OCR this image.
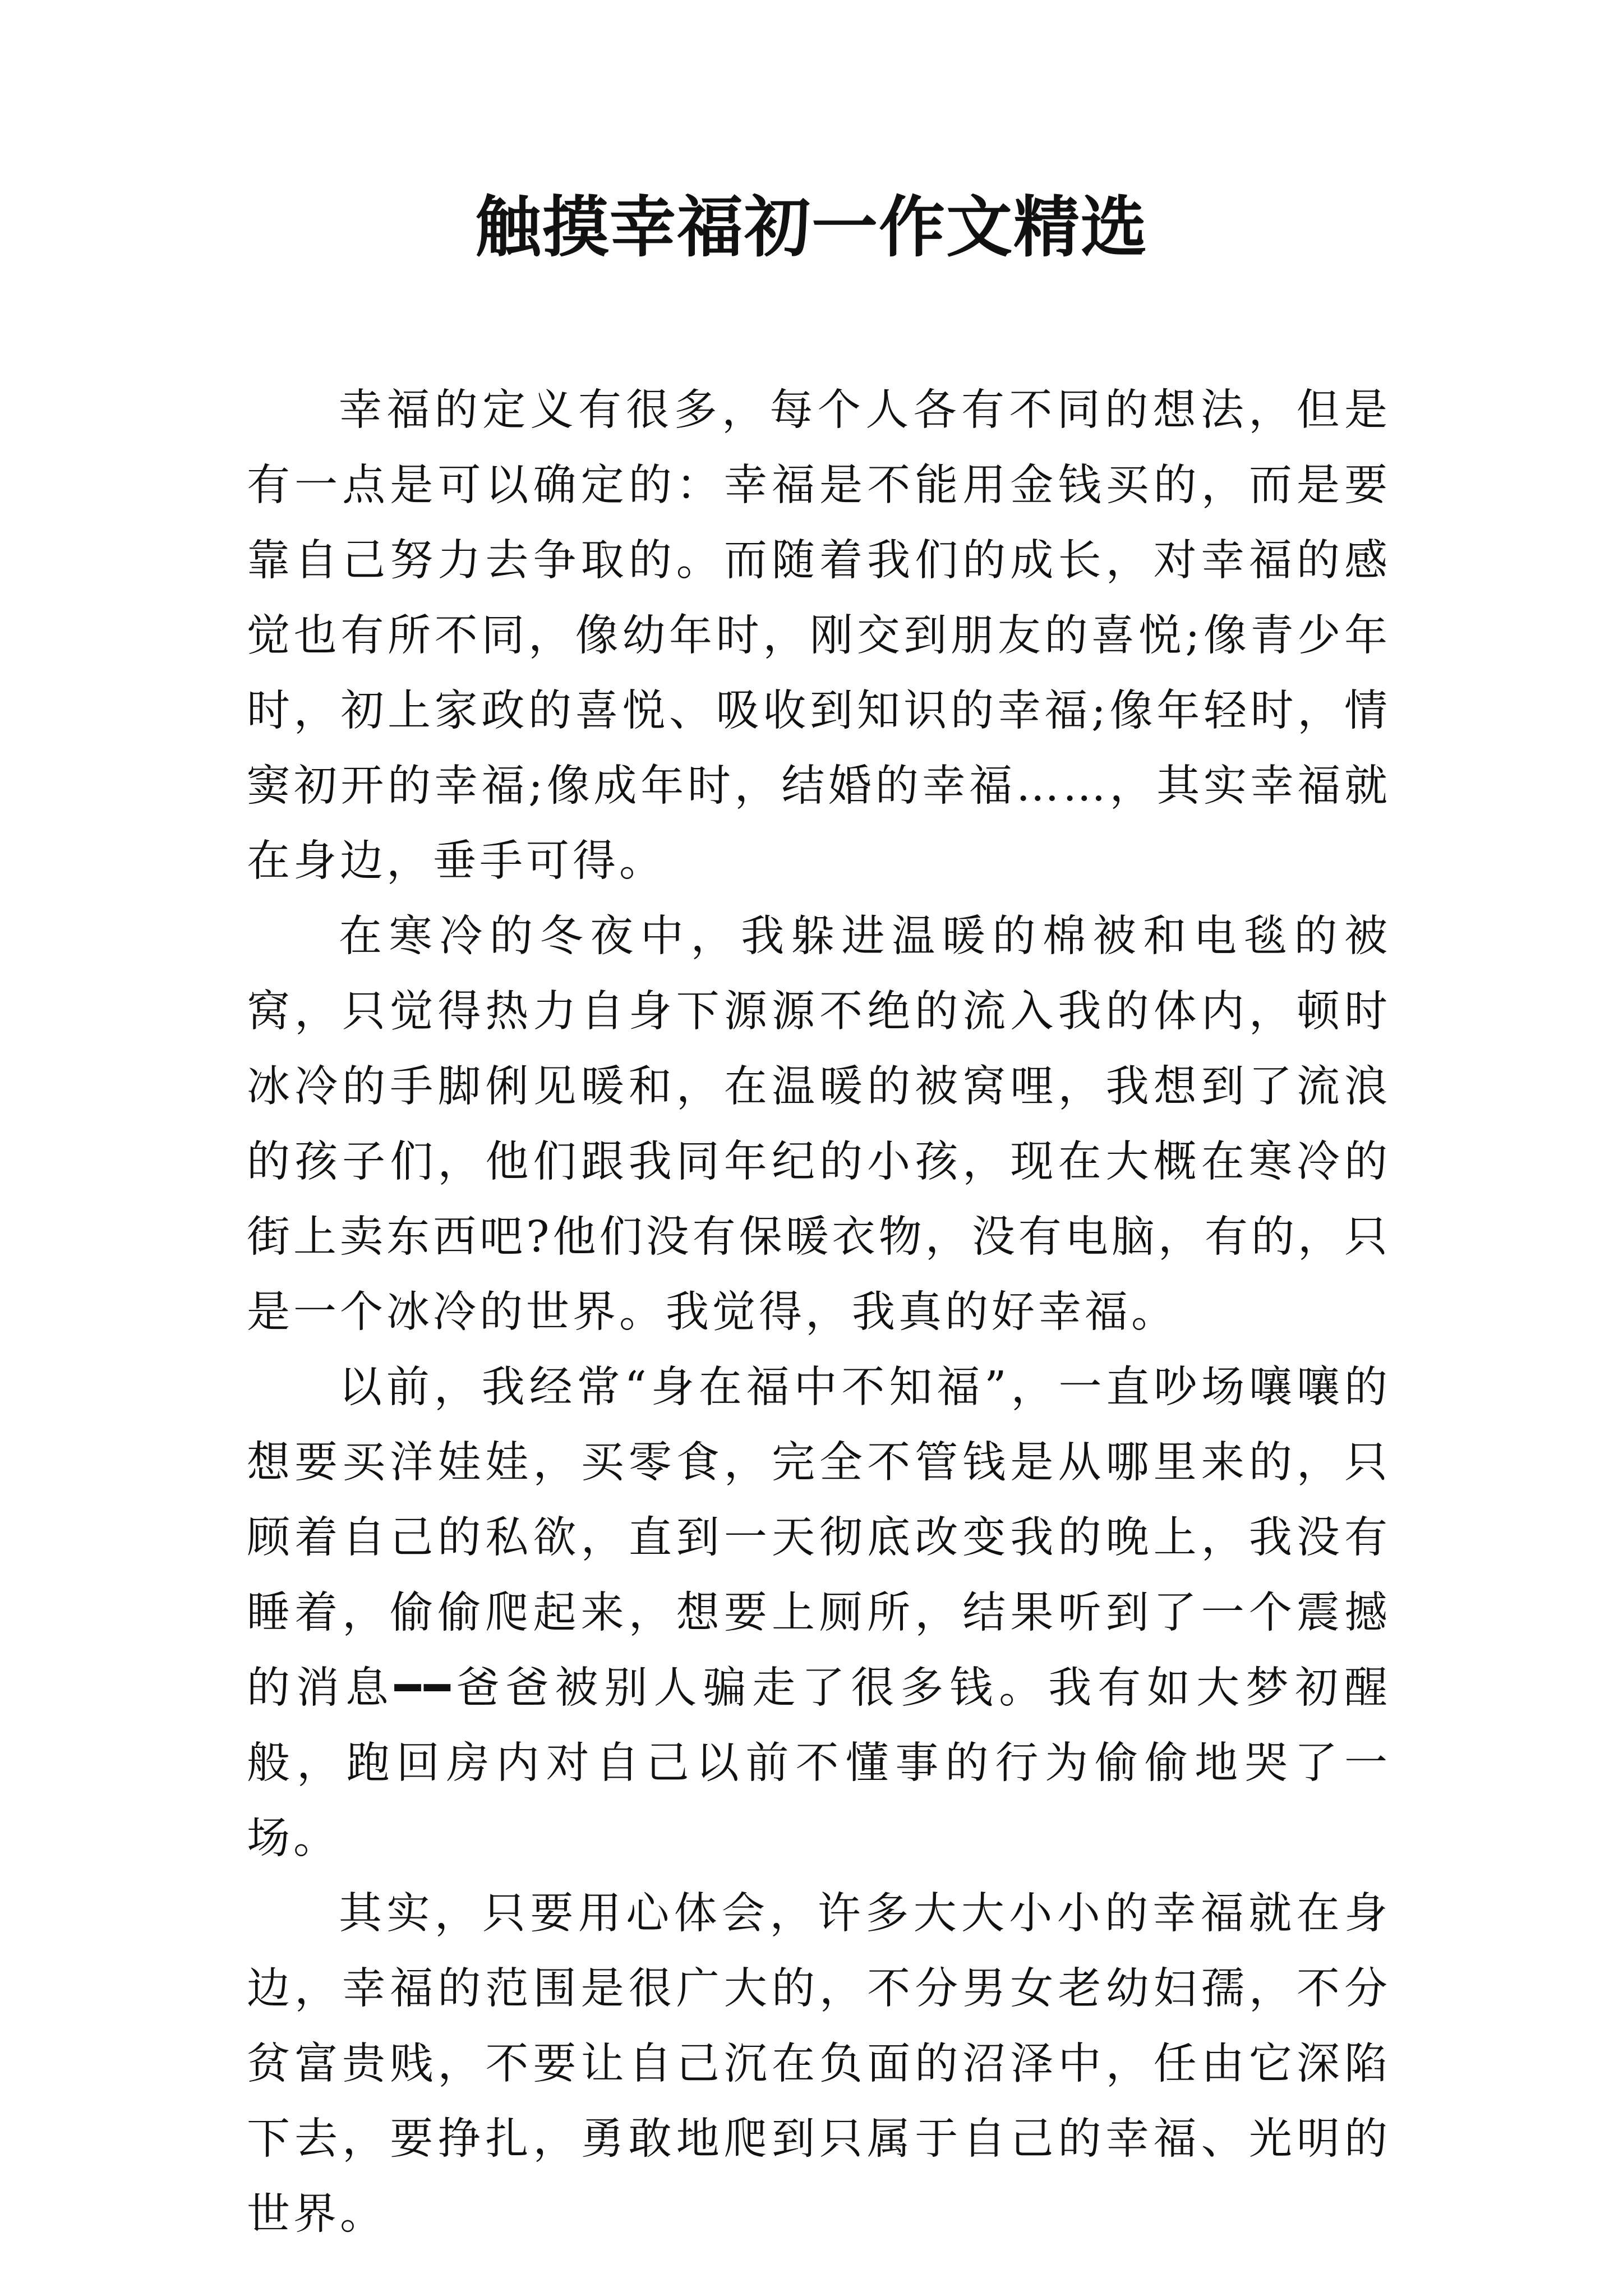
触摸幸福初一作文精选

幸福的定义有很多，每个人各有不同的想法，但是有一点是可以确定的：幸福是不能用金钱买的，而是要靠自己努力去争取的。而随着我们的成长，对幸福的感觉也有所不同，像幼年时，刚交到朋友的喜悦;像青少年时，初上家政的喜悦、吸收到知识的幸福;像年轻时，情窦初开的幸福;像成年时，结婚的幸福……，其实幸福就在身边，垂手可得。

在寒冷的冬夜中，我躲进温暖的棉被和电毯的被窝，只觉得热力自身下源源不绝的流入我的体内，顿时冰冷的手脚俐见暖和，在温暖的被窝哩，我想到了流浪的孩子们，他们跟我同年纪的小孩，现在大概在寒冷的街上卖东西吧?他们没有保暖衣物，没有电脑，有的，只是一个冰冷的世界。我觉得，我真的好幸福。

以前，我经常“身在福中不知福”，一直吵场嚷嚷的想要买洋娃娃，买零食，完全不管钱是从哪里来的，只顾着自己的私欲，直到一天彻底改变我的晚上，我没有睡着，偷偷爬起来，想要上厕所，结果听到了一个震撼的消息━━爸爸被别人骗走了很多钱。我有如大梦初醒般，跑回房内对自己以前不懂事的行为偷偷地哭了一场。

其实，只要用心体会，许多大大小小的幸福就在身边，幸福的范围是很广大的，不分男女老幼妇孺，不分贫富贵贱，不要让自己沉在负面的沼泽中，任由它深陷下去，要挣扎，勇敢地爬到只属于自己的幸福、光明的世界。
